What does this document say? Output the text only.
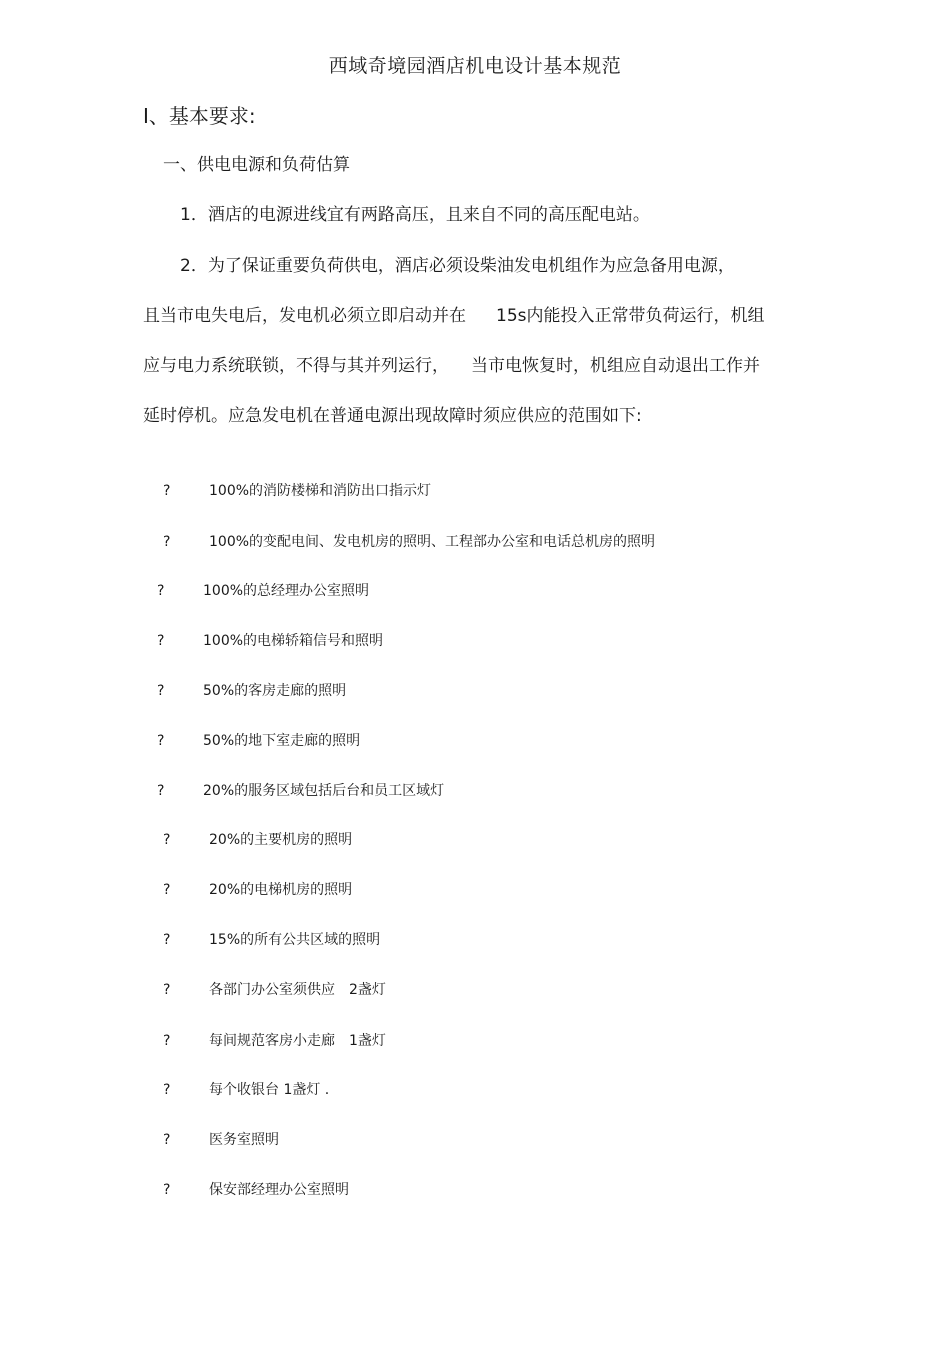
西域奇境园酒店机电设计基本规范
Ⅰ、基本要求:
一、供电电源和负荷估算
1．酒店的电源进线宜有两路高压，且来自不同的高压配电站。
2．为了保证重要负荷供电，酒店必须设柴油发电机组作为应急备用电源，
且当市电失电后，发电机必须立即启动并在 15s内能投入正常带负荷运行，机组
应与电力系统联锁，不得与其并列运行， 当市电恢复时，机组应自动退出工作并
延时停机。应急发电机在普通电源出现故障时须应供应的范围如下:
?	100%的消防楼梯和消防出口指示灯
?	100%的变配电间、发电机房的照明、工程部办公室和电话总机房的照明
?	100%的总经理办公室照明
?	100%的电梯轿箱信号和照明
?	50%的客房走廊的照明
?	50%的地下室走廊的照明
?	20%的服务区域包括后台和员工区域灯
?	20%的主要机房的照明
?	20%的电梯机房的照明
?	15%的所有公共区域的照明
?	各部门办公室须供应　2盏灯
?	每间规范客房小走廊　1盏灯
?	每个收银台 1盏灯 .
?	医务室照明
?	保安部经理办公室照明
